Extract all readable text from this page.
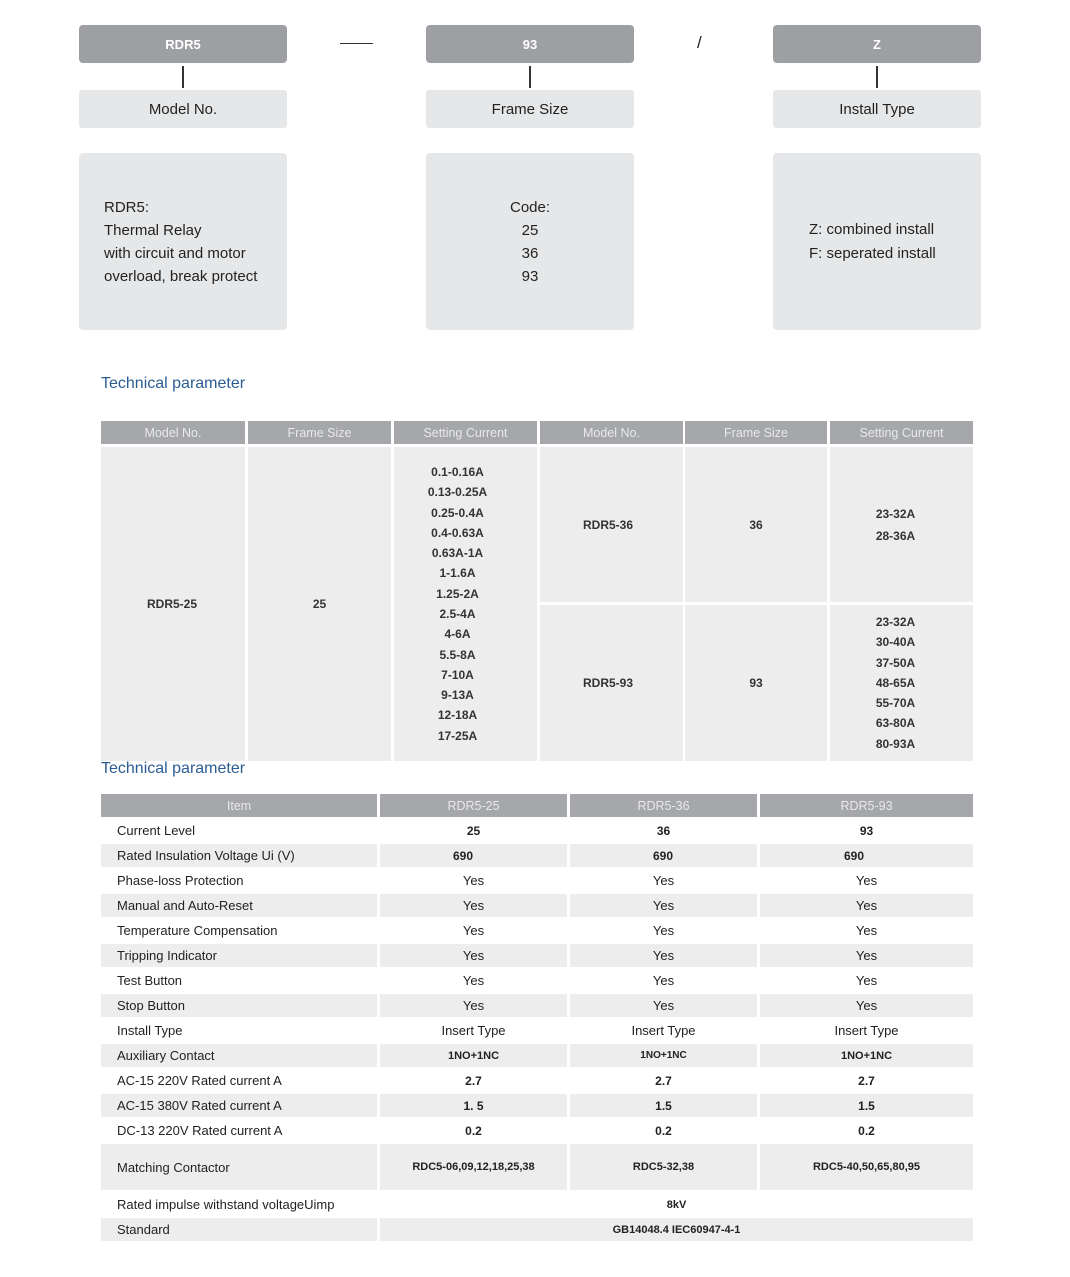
RDR5	93	/	Z
Model No.	Frame Size	Install Type
RDR5:
Thermal Relay
with circuit and motor
overload, break protect
Code:
25
36
93
Z: combined install
F: seperated install
Technical parameter
Model No.	Frame Size	Setting Current	Model No.	Frame Size	Setting Current
RDR5-25	25
0.1-0.16A
0.13-0.25A
0.25-0.4A
0.4-0.63A
0.63A-1A
1-1.6A
1.25-2A
2.5-4A
4-6A
5.5-8A
7-10A
9-13A
12-18A
17-25A
RDR5-36	36
23-32A
28-36A
RDR5-93	93
23-32A
30-40A
37-50A
48-65A
55-70A
63-80A
80-93A
Technical parameter
Item	RDR5-25	RDR5-36	RDR5-93
Current Level	25	36	93
Rated Insulation Voltage Ui (V)	690	690	690
Phase-loss Protection	Yes	Yes	Yes
Manual and Auto-Reset	Yes	Yes	Yes
Temperature Compensation	Yes	Yes	Yes
Tripping Indicator	Yes	Yes	Yes
Test Button	Yes	Yes	Yes
Stop Button	Yes	Yes	Yes
Install Type	Insert Type	Insert Type	Insert Type
Auxiliary Contact	1NO+1NC	1NO+1NC	1NO+1NC
AC-15 220V Rated current A	2.7	2.7	2.7
AC-15 380V Rated current A	1. 5	1.5	1.5
DC-13 220V Rated current A	0.2	0.2	0.2
Matching Contactor	RDC5-06,09,12,18,25,38	RDC5-32,38	RDC5-40,50,65,80,95
Rated impulse withstand voltageUimp	8kV
Standard	GB14048.4 IEC60947-4-1
